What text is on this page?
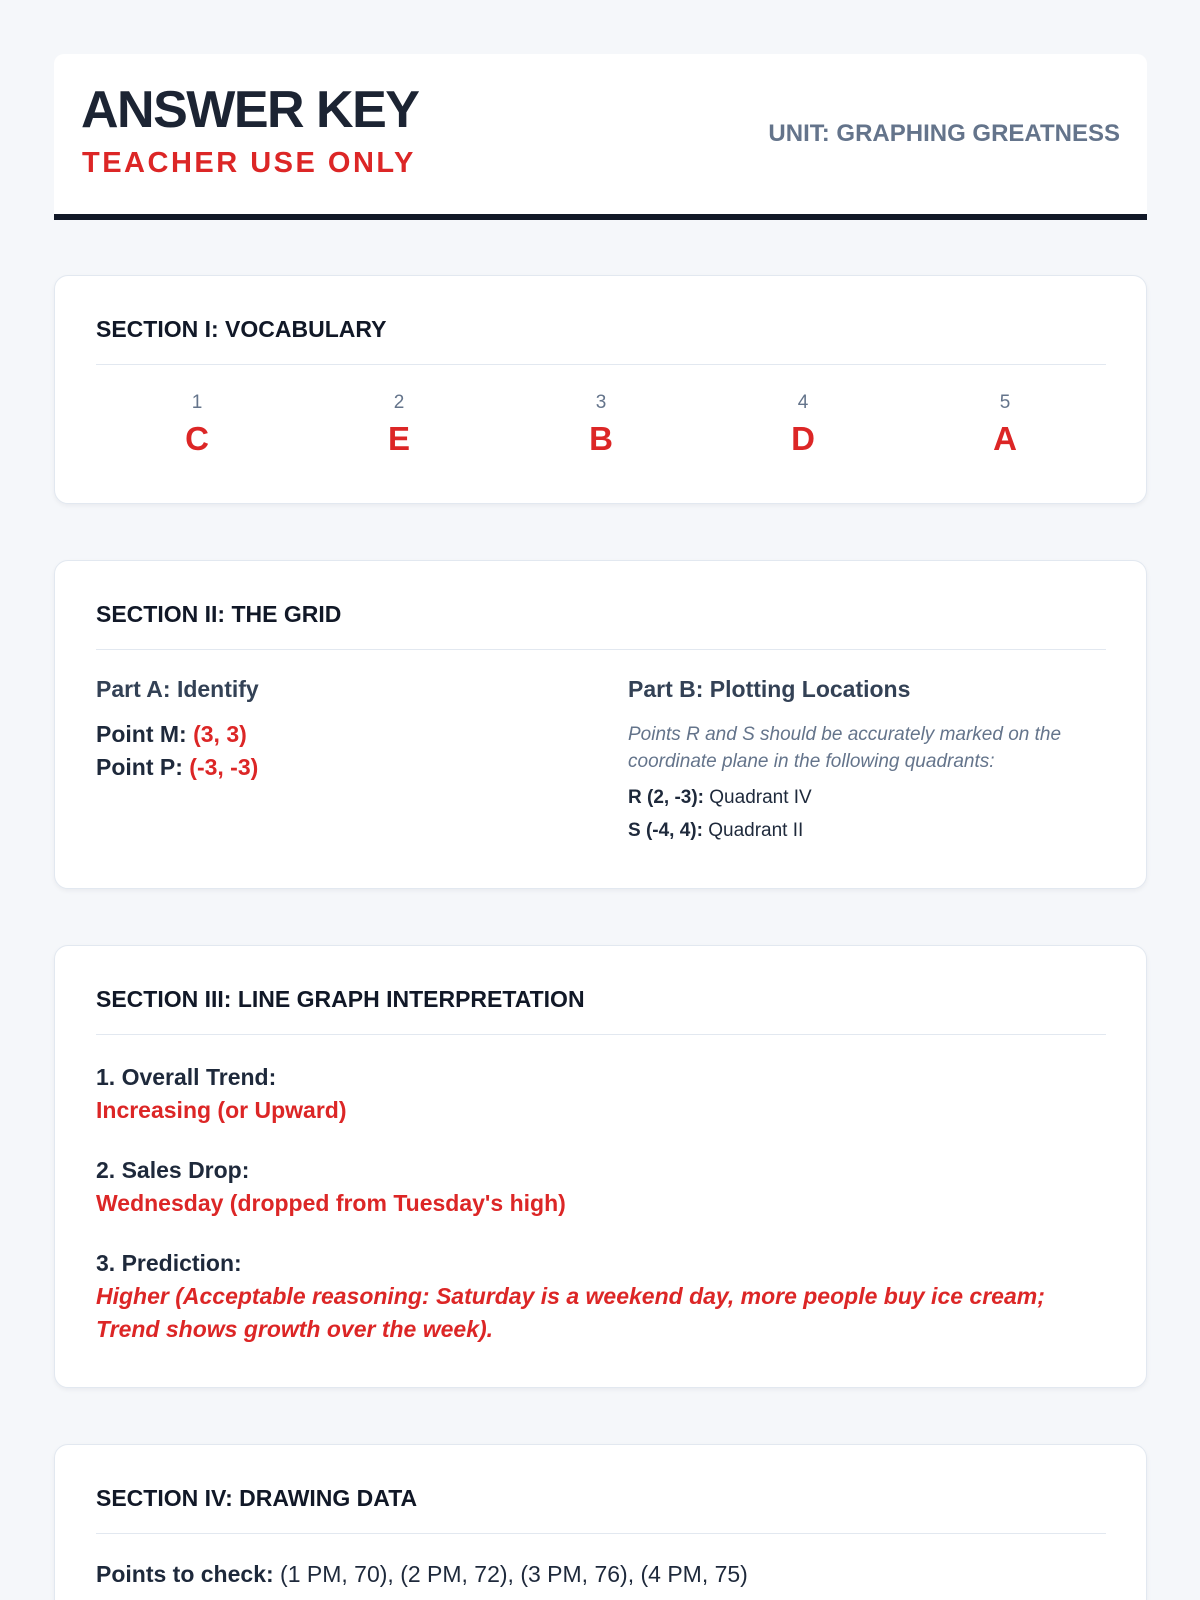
ANSWER KEY
TEACHER USE ONLY
UNIT: GRAPHING GREATNESS
SECTION I: VOCABULARY
1
C
2
E
3
B
4
D
5
A
SECTION II: THE GRID
Part A: Identify
Point M: (3, 3)
Point P: (-3, -3)
Part B: Plotting Locations
Points R and S should be accurately marked on the coordinate plane in the following quadrants:
R (2, -3): Quadrant IV
S (-4, 4): Quadrant II
SECTION III: LINE GRAPH INTERPRETATION
1. Overall Trend:
Increasing (or Upward)
2. Sales Drop:
Wednesday (dropped from Tuesday's high)
3. Prediction:
Higher (Acceptable reasoning: Saturday is a weekend day, more people buy ice cream; Trend shows growth over the week).
SECTION IV: DRAWING DATA
Points to check: (1 PM, 70), (2 PM, 72), (3 PM, 76), (4 PM, 75)
